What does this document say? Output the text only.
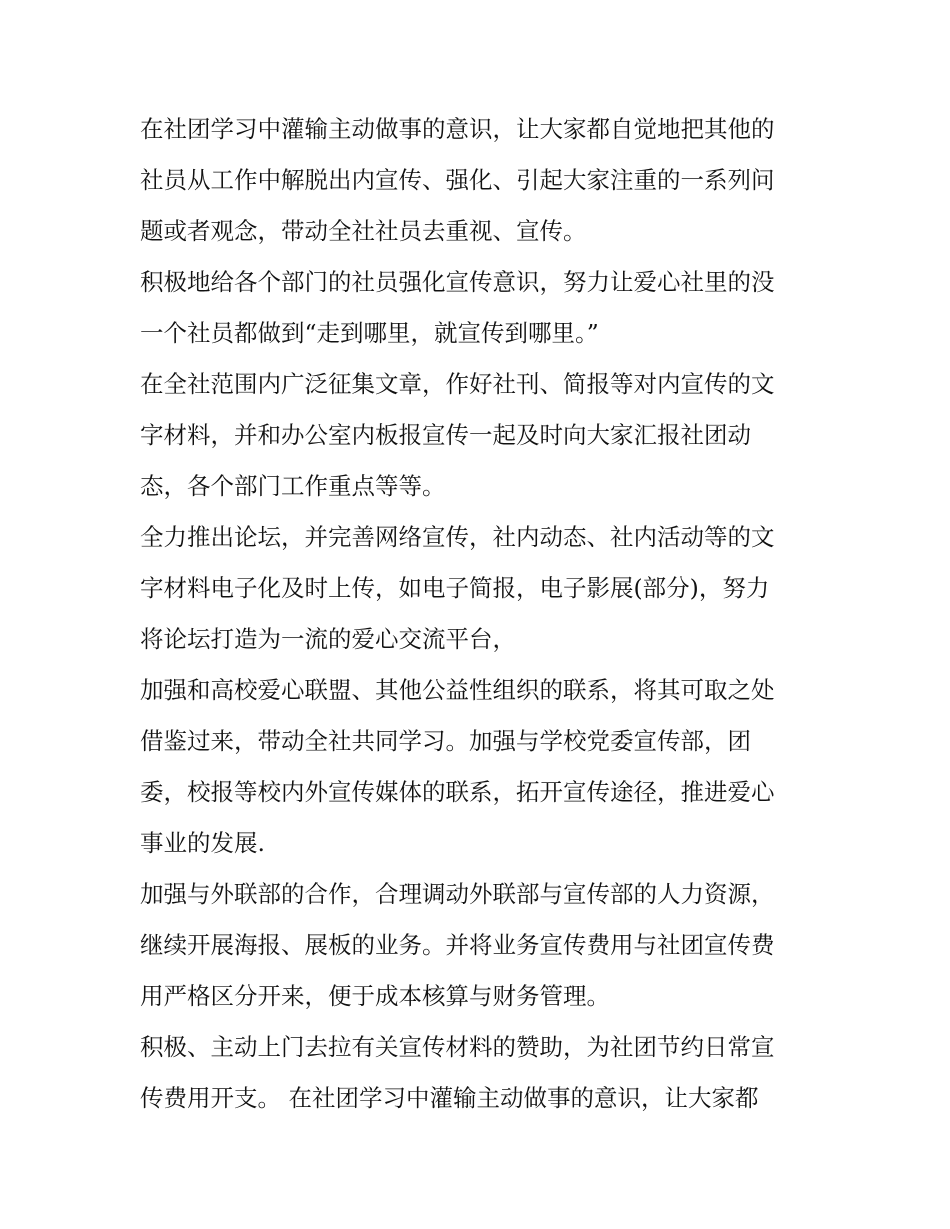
在社团学习中灌输主动做事的意识，让大家都自觉地把其他的
社员从工作中解脱出内宣传、强化、引起大家注重的一系列问
题或者观念，带动全社社员去重视、宣传。

积极地给各个部门的社员强化宣传意识，努力让爱心社里的没
一个社员都做到“走到哪里，就宣传到哪里。”

在全社范围内广泛征集文章，作好社刊、简报等对内宣传的文
字材料，并和办公室内板报宣传一起及时向大家汇报社团动
态，各个部门工作重点等等。

全力推出论坛，并完善网络宣传，社内动态、社内活动等的文
字材料电子化及时上传，如电子简报，电子影展(部分)，努力
将论坛打造为一流的爱心交流平台，

加强和高校爱心联盟、其他公益性组织的联系，将其可取之处
借鉴过来，带动全社共同学习。加强与学校党委宣传部，团
委，校报等校内外宣传媒体的联系，拓开宣传途径，推进爱心
事业的发展.

加强与外联部的合作，合理调动外联部与宣传部的人力资源，
继续开展海报、展板的业务。并将业务宣传费用与社团宣传费
用严格区分开来，便于成本核算与财务管理。

积极、主动上门去拉有关宣传材料的赞助，为社团节约日常宣
传费用开支。 在社团学习中灌输主动做事的意识，让大家都
